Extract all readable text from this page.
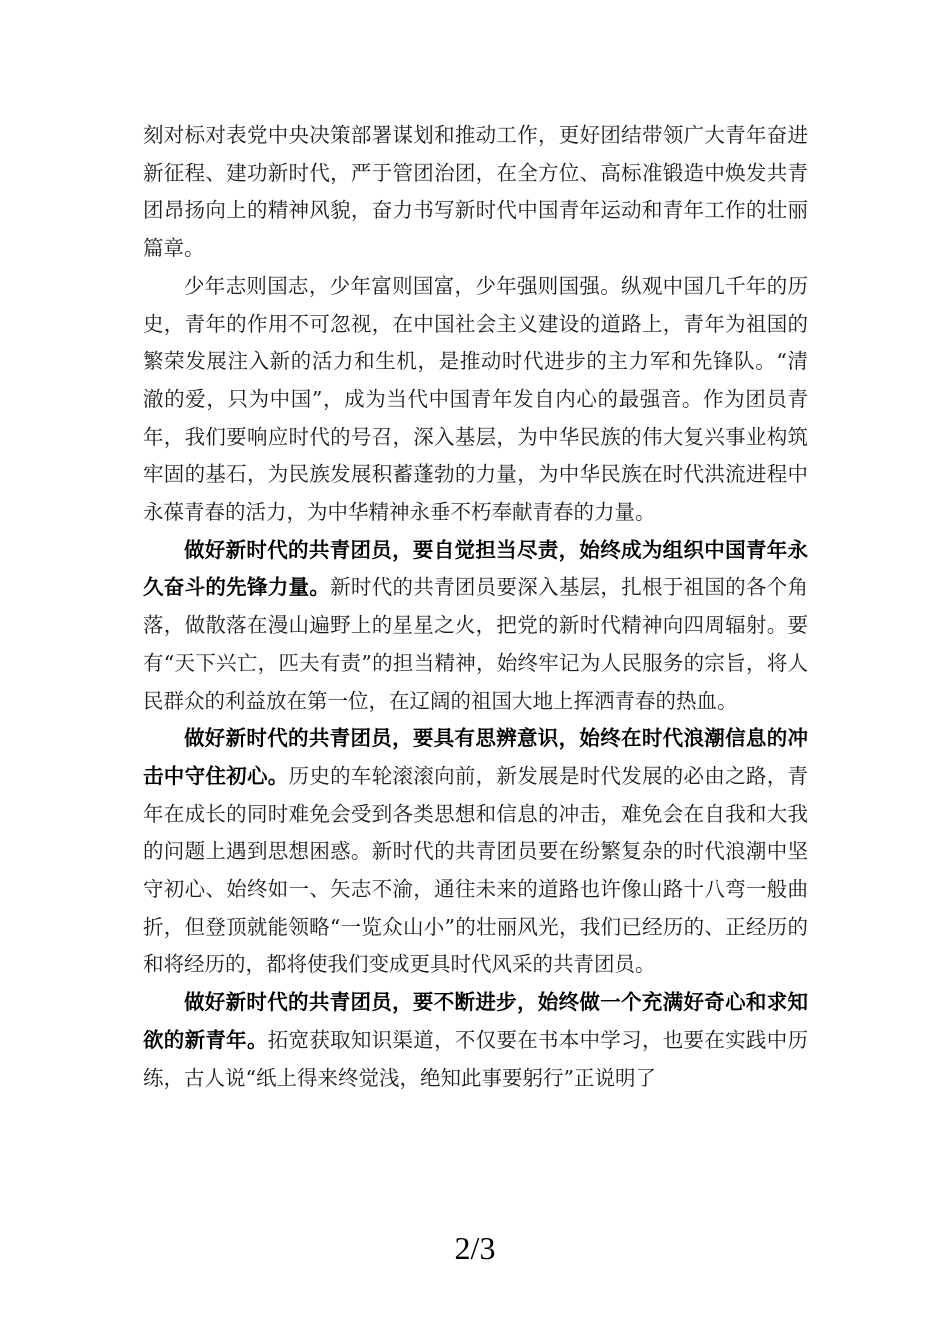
刻对标对表党中央决策部署谋划和推动工作，更好团结带领广大青年奋进新征程、建功新时代，严于管团治团，在全方位、高标准锻造中焕发共青团昂扬向上的精神风貌，奋力书写新时代中国青年运动和青年工作的壮丽篇章。

少年志则国志，少年富则国富，少年强则国强。纵观中国几千年的历史，青年的作用不可忽视，在中国社会主义建设的道路上，青年为祖国的繁荣发展注入新的活力和生机，是推动时代进步的主力军和先锋队。“清澈的爱，只为中国”，成为当代中国青年发自内心的最强音。作为团员青年，我们要响应时代的号召，深入基层，为中华民族的伟大复兴事业构筑牢固的基石，为民族发展积蓄蓬勃的力量，为中华民族在时代洪流进程中永葆青春的活力，为中华精神永垂不朽奉献青春的力量。

做好新时代的共青团员，要自觉担当尽责，始终成为组织中国青年永久奋斗的先锋力量。新时代的共青团员要深入基层，扎根于祖国的各个角落，做散落在漫山遍野上的星星之火，把党的新时代精神向四周辐射。要有“天下兴亡，匹夫有责”的担当精神，始终牢记为人民服务的宗旨，将人民群众的利益放在第一位，在辽阔的祖国大地上挥洒青春的热血。

做好新时代的共青团员，要具有思辨意识，始终在时代浪潮信息的冲击中守住初心。历史的车轮滚滚向前，新发展是时代发展的必由之路，青年在成长的同时难免会受到各类思想和信息的冲击，难免会在自我和大我的问题上遇到思想困惑。新时代的共青团员要在纷繁复杂的时代浪潮中坚守初心、始终如一、矢志不渝，通往未来的道路也许像山路十八弯一般曲折，但登顶就能领略“一览众山小”的壮丽风光，我们已经历的、正经历的和将经历的，都将使我们变成更具时代风采的共青团员。

做好新时代的共青团员，要不断进步，始终做一个充满好奇心和求知欲的新青年。拓宽获取知识渠道，不仅要在书本中学习，也要在实践中历练，古人说“纸上得来终觉浅，绝知此事要躬行”正说明了

2/3
